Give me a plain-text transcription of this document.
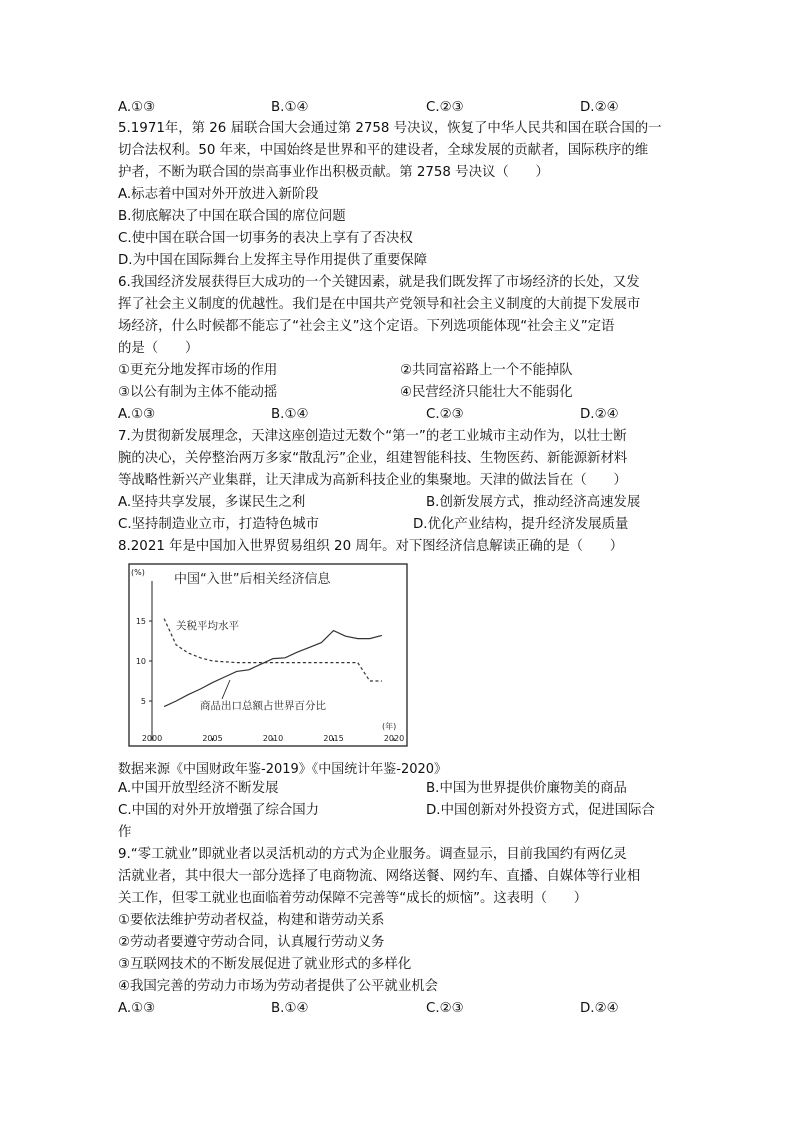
A.①③	B.①④	C.②③	D.②④
5.1971年，第 26 届联合国大会通过第 2758 号决议，恢复了中华人民共和国在联合国的一
切合法权利。50 年来，中国始终是世界和平的建设者，全球发展的贡献者，国际秩序的维
护者，不断为联合国的崇高事业作出积极贡献。第 2758 号决议（　　）
A.标志着中国对外开放进入新阶段
B.彻底解决了中国在联合国的席位问题
C.使中国在联合国一切事务的表决上享有了否决权
D.为中国在国际舞台上发挥主导作用提供了重要保障
6.我国经济发展获得巨大成功的一个关键因素，就是我们既发挥了市场经济的长处，又发
挥了社会主义制度的优越性。我们是在中国共产党领导和社会主义制度的大前提下发展市
场经济，什么时候都不能忘了“社会主义”这个定语。下列选项能体现“社会主义”定语
的是（　　）
①更充分地发挥市场的作用	②共同富裕路上一个不能掉队
③以公有制为主体不能动摇	④民营经济只能壮大不能弱化
A.①③	B.①④	C.②③	D.②④
7.为贯彻新发展理念，天津这座创造过无数个“第一”的老工业城市主动作为，以壮士断
腕的决心，关停整治两万多家“散乱污”企业，组建智能科技、生物医药、新能源新材料
等战略性新兴产业集群，让天津成为高新科技企业的集聚地。天津的做法旨在（　　）
A.坚持共享发展，多谋民生之利	B.创新发展方式，推动经济高速发展
C.坚持制造业立市，打造特色城市	D.优化产业结构，提升经济发展质量
8.2021 年是中国加入世界贸易组织 20 周年。对下图经济信息解读正确的是（　　）
中国“入世”后相关经济信息
(%)
(年)
5
10
15
2000	2005	2010	2015	2020
关税平均水平
商品出口总额占世界百分比
数据来源《中国财政年鉴-2019》《中国统计年鉴-2020》
A.中国开放型经济不断发展	B.中国为世界提供价廉物美的商品
C.中国的对外开放增强了综合国力	D.中国创新对外投资方式，促进国际合
作
9.“零工就业”即就业者以灵活机动的方式为企业服务。调查显示，目前我国约有两亿灵
活就业者，其中很大一部分选择了电商物流、网络送餐、网约车、直播、自媒体等行业相
关工作，但零工就业也面临着劳动保障不完善等“成长的烦恼”。这表明（　　）
①要依法维护劳动者权益，构建和谐劳动关系
②劳动者要遵守劳动合同，认真履行劳动义务
③互联网技术的不断发展促进了就业形式的多样化
④我国完善的劳动力市场为劳动者提供了公平就业机会
A.①③	B.①④	C.②③	D.②④
